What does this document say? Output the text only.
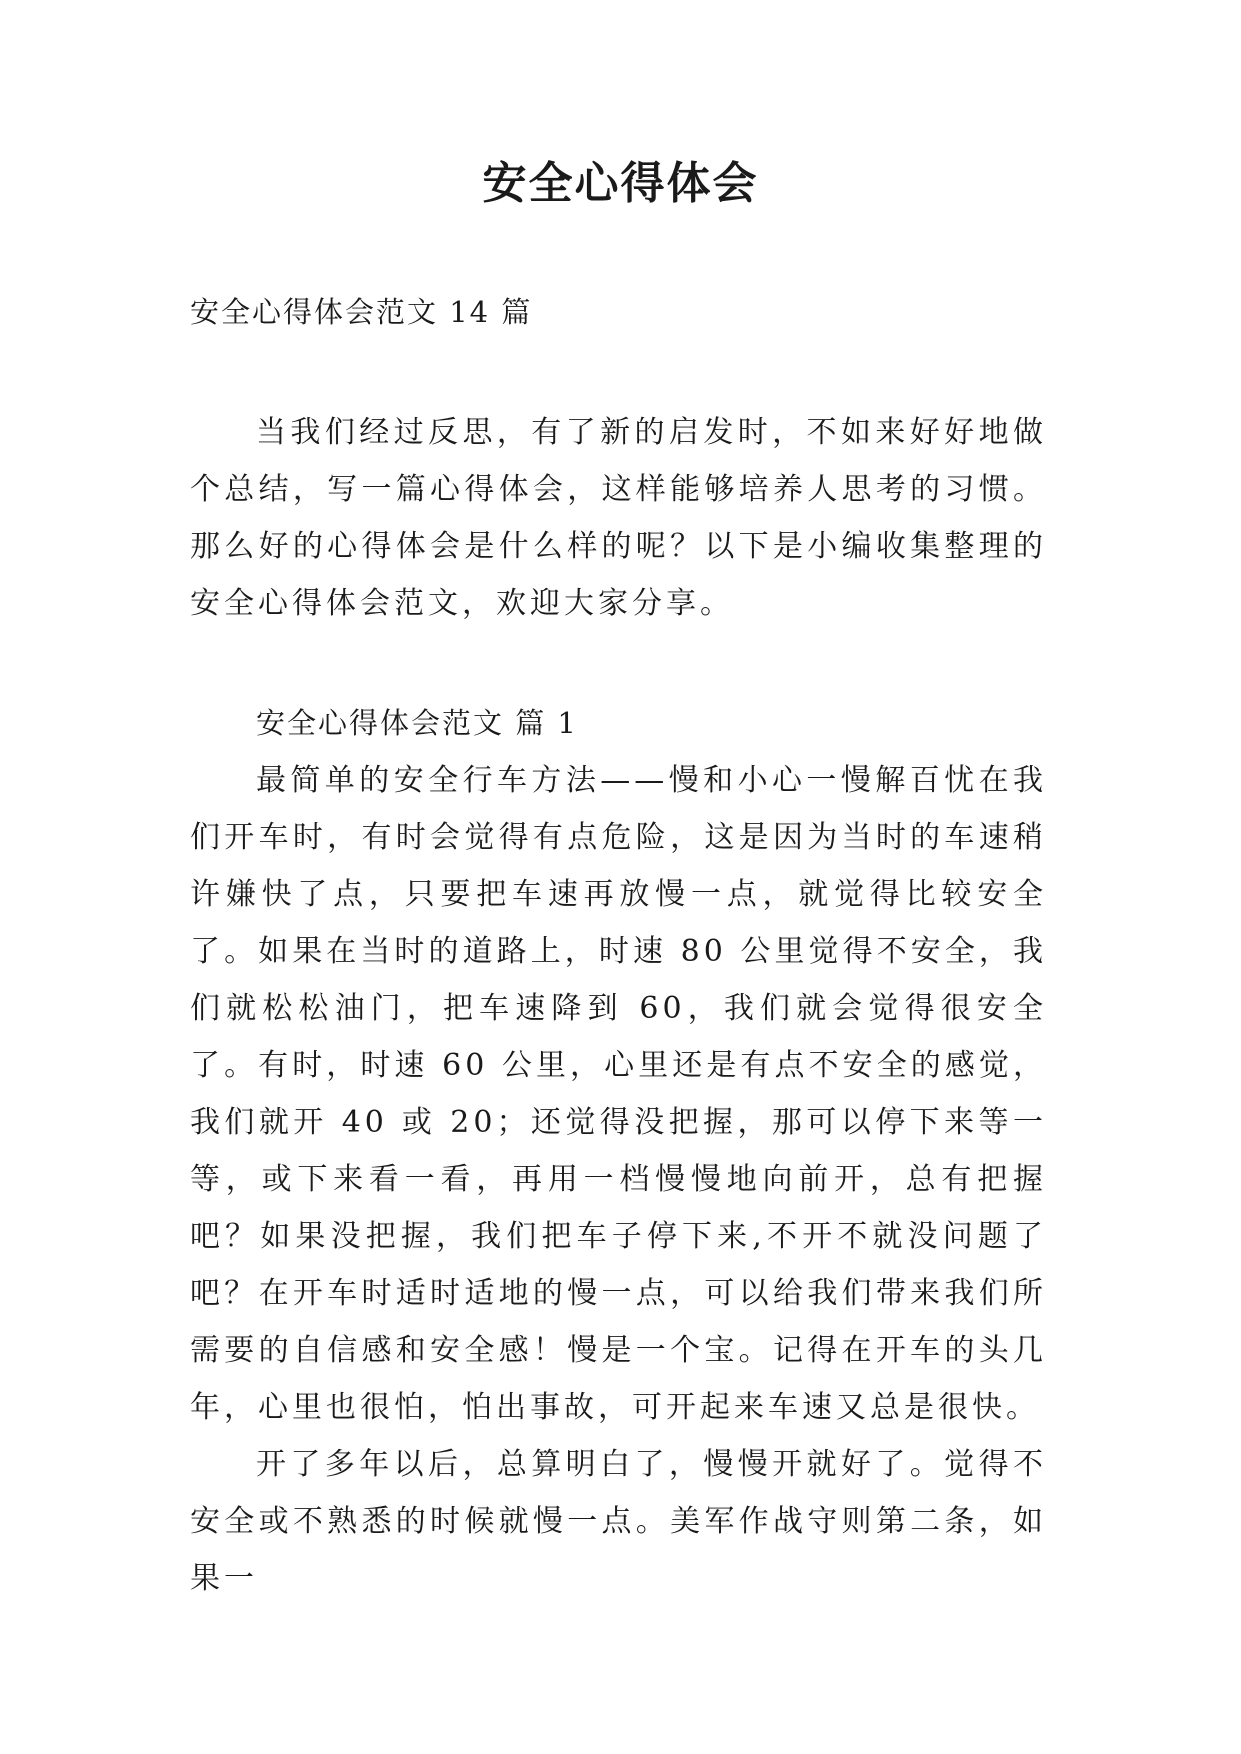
安全心得体会

安全心得体会范文 14 篇

当我们经过反思，有了新的启发时，不如来好好地做个总结，写一篇心得体会，这样能够培养人思考的习惯。那么好的心得体会是什么样的呢？以下是小编收集整理的安全心得体会范文，欢迎大家分享。

安全心得体会范文 篇 1

最简单的安全行车方法——慢和小心一慢解百忧在我们开车时，有时会觉得有点危险，这是因为当时的车速稍许嫌快了点，只要把车速再放慢一点，就觉得比较安全了。如果在当时的道路上，时速 80 公里觉得不安全，我们就松松油门，把车速降到 60，我们就会觉得很安全了。有时，时速 60 公里，心里还是有点不安全的感觉，我们就开 40 或 20；还觉得没把握，那可以停下来等一等，或下来看一看，再用一档慢慢地向前开，总有把握吧？如果没把握，我们把车子停下来,不开不就没问题了吧？在开车时适时适地的慢一点，可以给我们带来我们所需要的自信感和安全感！慢是一个宝。记得在开车的头几年，心里也很怕，怕出事故，可开起来车速又总是很快。

开了多年以后，总算明白了，慢慢开就好了。觉得不安全或不熟悉的时候就慢一点。美军作战守则第二条，如果一
